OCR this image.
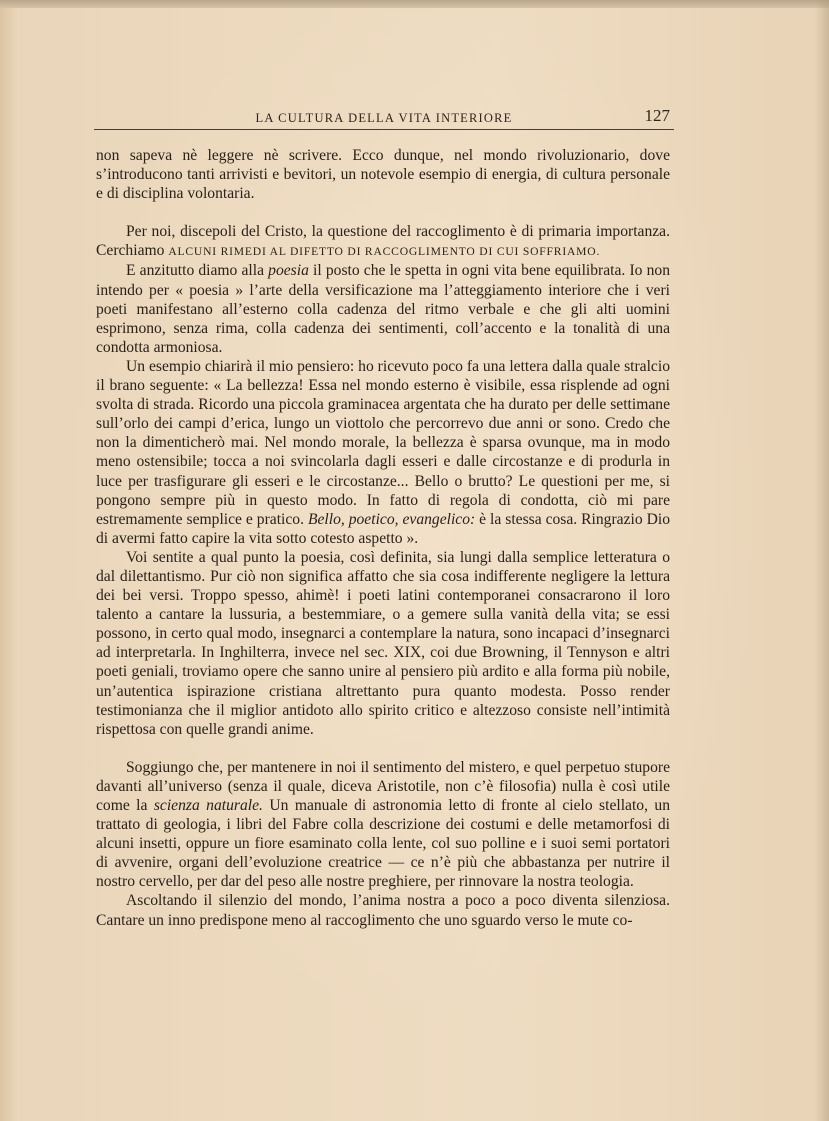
LA CULTURA DELLA VITA INTERIORE	127

non sapeva nè leggere nè scrivere. Ecco dunque, nel mondo rivoluzionario, dove s’introducono tanti arrivisti e bevitori, un notevole esempio di energia, di cultura personale e di disciplina volontaria.

Per noi, discepoli del Cristo, la questione del raccoglimento è di primaria importanza. Cerchiamo ALCUNI RIMEDI AL DIFETTO DI RACCOGLIMENTO DI CUI SOFFRIAMO.

E anzitutto diamo alla poesia il posto che le spetta in ogni vita bene equilibrata. Io non intendo per « poesia » l’arte della versificazione ma l’atteggiamento interiore che i veri poeti manifestano all’esterno colla cadenza del ritmo verbale e che gli alti uomini esprimono, senza rima, colla cadenza dei sentimenti, coll’accento e la tonalità di una condotta armoniosa.

Un esempio chiarirà il mio pensiero: ho ricevuto poco fa una lettera dalla quale stralcio il brano seguente: « La bellezza! Essa nel mondo esterno è visibile, essa risplende ad ogni svolta di strada. Ricordo una piccola graminacea argentata che ha durato per delle settimane sull’orlo dei campi d’erica, lungo un viottolo che percorrevo due anni or sono. Credo che non la dimenticherò mai. Nel mondo morale, la bellezza è sparsa ovunque, ma in modo meno ostensibile; tocca a noi svincolarla dagli esseri e dalle circostanze e di produrla in luce per trasfigurare gli esseri e le circostanze... Bello o brutto? Le questioni per me, si pongono sempre più in questo modo. In fatto di regola di condotta, ciò mi pare estremamente semplice e pratico. Bello, poetico, evangelico: è la stessa cosa. Ringrazio Dio di avermi fatto capire la vita sotto cotesto aspetto ».

Voi sentite a qual punto la poesia, così definita, sia lungi dalla semplice letteratura o dal dilettantismo. Pur ciò non significa affatto che sia cosa indifferente negligere la lettura dei bei versi. Troppo spesso, ahimè! i poeti latini contemporanei consacrarono il loro talento a cantare la lussuria, a bestemmiare, o a gemere sulla vanità della vita; se essi possono, in certo qual modo, insegnarci a contemplare la natura, sono incapaci d’insegnarci ad interpretarla. In Inghilterra, invece nel sec. XIX, coi due Browning, il Tennyson e altri poeti geniali, troviamo opere che sanno unire al pensiero più ardito e alla forma più nobile, un’autentica ispirazione cristiana altrettanto pura quanto modesta. Posso render testimonianza che il miglior antidoto allo spirito critico e altezzoso consiste nell’intimità rispettosa con quelle grandi anime.

Soggiungo che, per mantenere in noi il sentimento del mistero, e quel perpetuo stupore davanti all’universo (senza il quale, diceva Aristotile, non c’è filosofia) nulla è così utile come la scienza naturale. Un manuale di astronomia letto di fronte al cielo stellato, un trattato di geologia, i libri del Fabre colla descrizione dei costumi e delle metamorfosi di alcuni insetti, oppure un fiore esaminato colla lente, col suo polline e i suoi semi portatori di avvenire, organi dell’evoluzione creatrice — ce n’è più che abbastanza per nutrire il nostro cervello, per dar del peso alle nostre preghiere, per rinnovare la nostra teologia.

Ascoltando il silenzio del mondo, l’anima nostra a poco a poco diventa silenziosa. Cantare un inno predispone meno al raccoglimento che uno sguardo verso le mute co-
